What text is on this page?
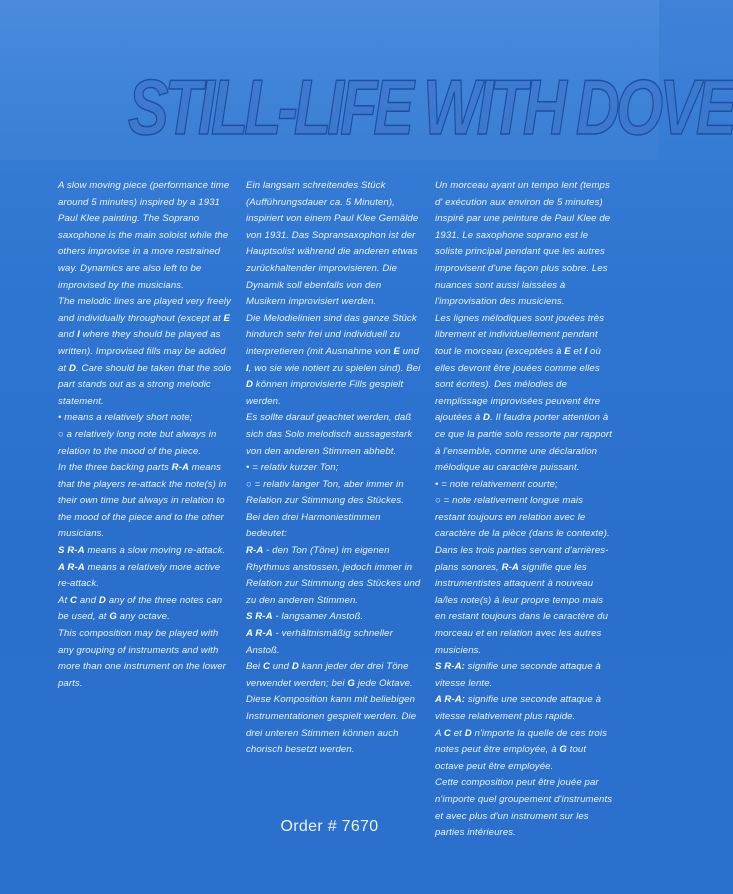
STILL-LIFE WITH DOVE

A slow moving piece (performance time around 5 minutes) inspired by a 1931 Paul Klee painting. The Soprano saxophone is the main soloist while the others improvise in a more restrained way. Dynamics are also left to be improvised by the musicians.

The melodic lines are played very freely and individually throughout (except at E and I where they should be played as written). Improvised fills may be added at D. Care should be taken that the solo part stands out as a strong melodic statement.

• means a relatively short note;

○ a relatively long note but always in relation to the mood of the piece.

In the three backing parts R-A means that the players re-attack the note(s) in their own time but always in relation to the mood of the piece and to the other musicians.

S R-A means a slow moving re-attack.

A R-A means a relatively more active re-attack.

At C and D any of the three notes can be used, at G any octave.

This composition may be played with any grouping of instruments and with more than one instrument on the lower parts.

Ein langsam schreitendes Stück (Aufführungsdauer ca. 5 Minuten), inspiriert von einem Paul Klee Gemälde von 1931. Das Sopransaxophon ist der Hauptsolist während die anderen etwas zurückhaltender improvisieren. Die Dynamik soll ebenfalls von den Musikern improvisiert werden.

Die Melodielinien sind das ganze Stück hindurch sehr frei und individuell zu interpretieren (mit Ausnahme von E und I, wo sie wie notiert zu spielen sind). Bei D können improvisierte Fills gespielt werden.

Es sollte darauf geachtet werden, daß sich das Solo melodisch aussagestark von den anderen Stimmen abhebt.

• = relativ kurzer Ton;

○ = relativ langer Ton, aber immer in Relation zur Stimmung des Stückes.

Bei den drei Harmoniestimmen bedeutet:

R-A - den Ton (Töne) im eigenen Rhythmus anstossen, jedoch immer in Relation zur Stimmung des Stückes und zu den anderen Stimmen.

S R-A - langsamer Anstoß.

A R-A - verhältnismäßig schneller Anstoß.

Bei C und D kann jeder der drei Töne verwendet werden; bei G jede Oktave.

Diese Komposition kann mit beliebigen Instrumentationen gespielt werden. Die drei unteren Stimmen können auch chorisch besetzt werden.

Un morceau ayant un tempo lent (temps d' exécution aux environ de 5 minutes) inspiré par une peinture de Paul Klee de 1931. Le saxophone soprano est le soliste principal pendant que les autres improvisent d'une façon plus sobre. Les nuances sont aussi laissées à l'improvisation des musiciens.

Les lignes mélodiques sont jouées très librement et individuellement pendant tout le morceau (exceptées à E et I où elles devront être jouées comme elles sont écrites). Des mélodies de remplissage improvisées peuvent être ajoutées à D. Il faudra porter attention à ce que la partie solo ressorte par rapport à l'ensemble, comme une déclaration mélodique au caractère puissant.

• = note relativement courte;

○ = note relativement longue mais restant toujours en relation avec le caractère de la pièce (dans le contexte).

Dans les trois parties servant d'arrières-plans sonores, R-A signifie que les instrumentistes attaquent à nouveau la/les note(s) à leur propre tempo mais en restant toujours dans le caractère du morceau et en relation avec les autres musiciens.

S R-A: signifie une seconde attaque à vitesse lente.

A R-A: signifie une seconde attaque à vitesse relativement plus rapide.

A C et D n'importe la quelle de ces trois notes peut être employée, à G tout octave peut être employée.

Cette composition peut être jouée par n'importe quel groupement d'instruments et avec plus d'un instrument sur les parties intérieures.

Order # 7670
